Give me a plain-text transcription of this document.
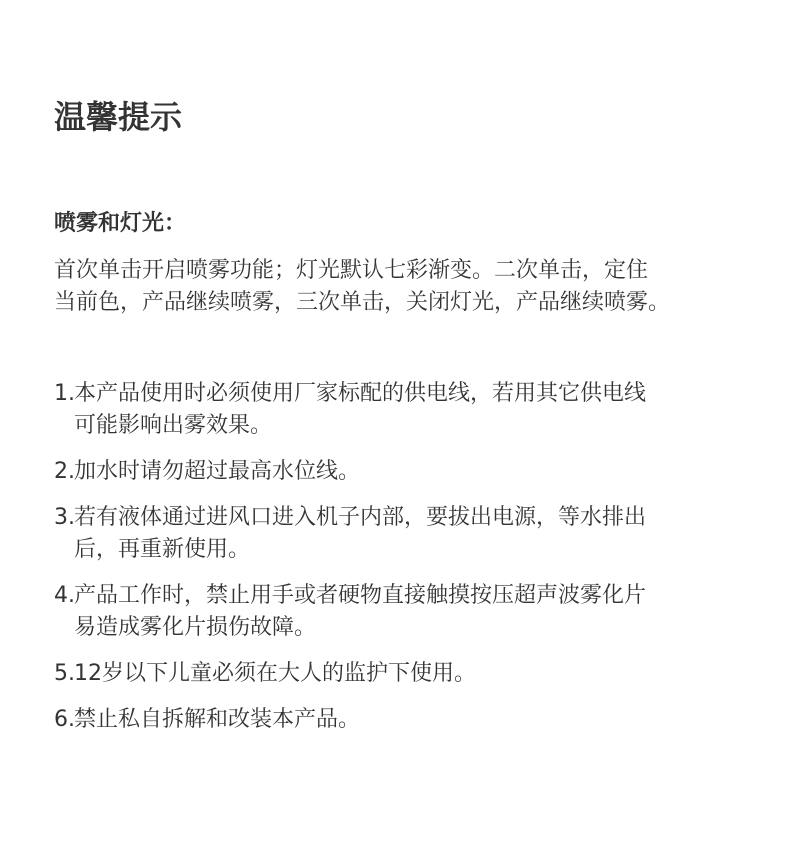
温馨提示
喷雾和灯光：

首次单击开启喷雾功能；灯光默认七彩渐变。二次单击，定住
当前色，产品继续喷雾，三次单击，关闭灯光，产品继续喷雾。

1. 本产品使用时必须使用厂家标配的供电线，若用其它供电线
可能影响出雾效果。
2. 加水时请勿超过最高水位线。
3. 若有液体通过进风口进入机子内部，要拔出电源，等水排出
后，再重新使用。
4. 产品工作时，禁止用手或者硬物直接触摸按压超声波雾化片
易造成雾化片损伤故障。
5. 12岁以下儿童必须在大人的监护下使用。
6. 禁止私自拆解和改装本产品。
